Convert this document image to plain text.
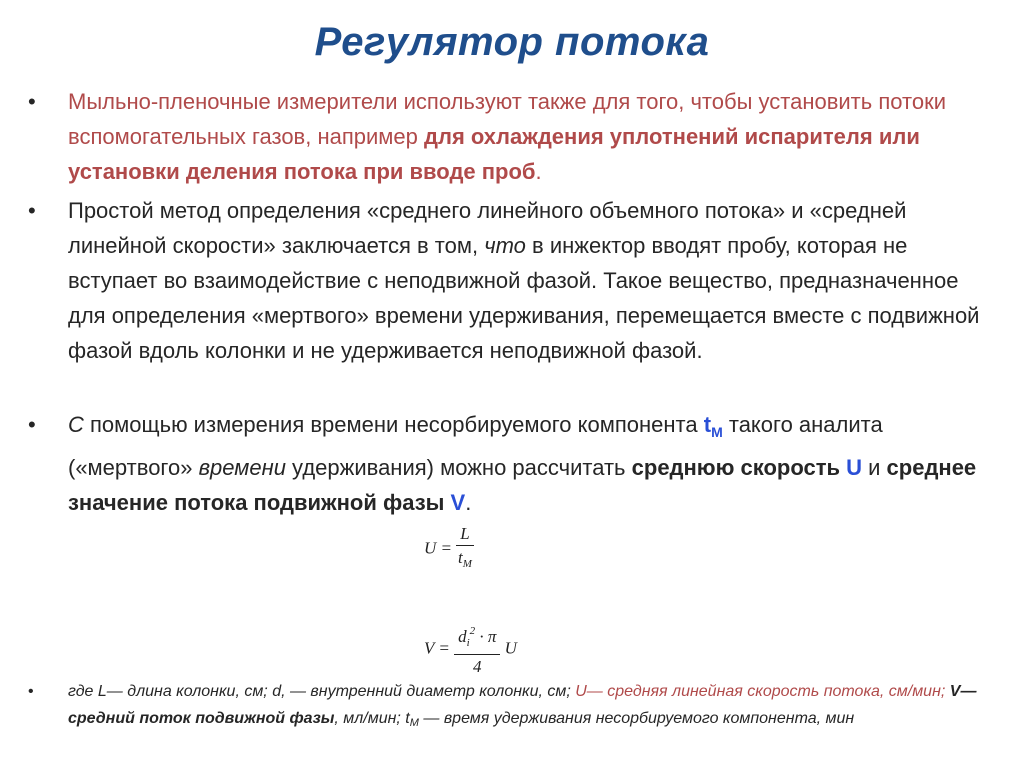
Регулятор потока
•	Мыльно-пленочные измерители используют также для того, чтобы установить потоки вспомогательных газов, например для охлаждения уплотнений испарителя или установки деления потока при вводе проб.
•	Простой метод определения «среднего линейного объемного потока» и «средней линейной скорости» заключается в том, что в инжектор вводят пробу, которая не вступает во взаимодействие с неподвижной фазой. Такое вещество, предназначенное для определения «мертвого» времени удерживания, перемещается вместе с подвижной фазой вдоль колонки и не удерживается неподвижной фазой.
•	С помощью измерения времени несорбируемого компонента $t_M$ такого аналита («мертвого» времени удерживания) можно рассчитать среднюю скорость U и среднее значение потока подвижной фазы V.
$U = \frac{L}{t_M}$
$V = \frac{d_i^2 \cdot \pi}{4}$ U
•	где L— длина колонки, см; d, — внутренний диаметр колонки, см; U— средняя линейная скорость потока, см/мин; V— средний поток подвижной фазы, мл/мин; $t_M$ — время удерживания несорбируемого компонента, мин
